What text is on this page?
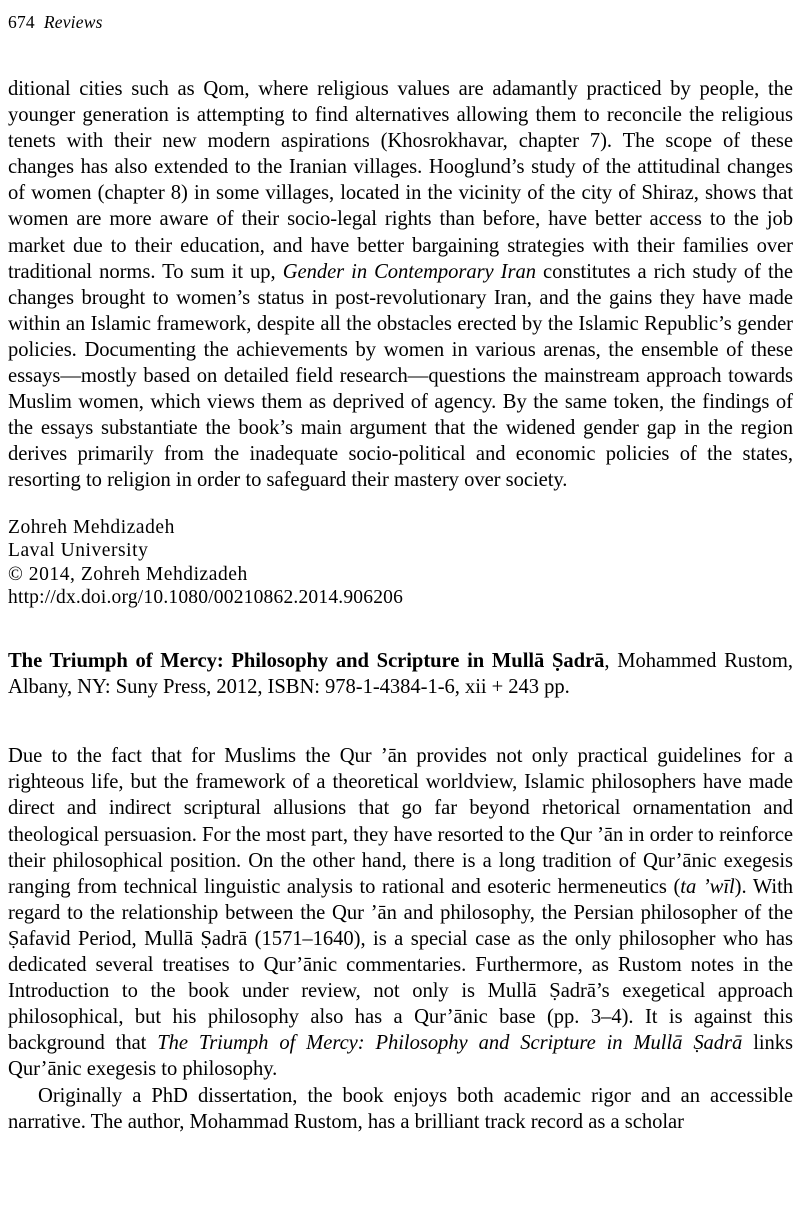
674 Reviews

ditional cities such as Qom, where religious values are adamantly practiced by people, the younger generation is attempting to find alternatives allowing them to reconcile the religious tenets with their new modern aspirations (Khosrokhavar, chapter 7). The scope of these changes has also extended to the Iranian villages. Hooglund’s study of the attitudinal changes of women (chapter 8) in some villages, located in the vicinity of the city of Shiraz, shows that women are more aware of their socio-legal rights than before, have better access to the job market due to their education, and have better bargaining strategies with their families over traditional norms. To sum it up, Gender in Contemporary Iran constitutes a rich study of the changes brought to women’s status in post-revolutionary Iran, and the gains they have made within an Islamic framework, despite all the obstacles erected by the Islamic Republic’s gender policies. Documenting the achievements by women in various arenas, the ensemble of these essays—mostly based on detailed field research—questions the mainstream approach towards Muslim women, which views them as deprived of agency. By the same token, the findings of the essays substantiate the book’s main argument that the widened gender gap in the region derives primarily from the inadequate socio-political and economic policies of the states, resorting to religion in order to safeguard their mastery over society.

Zohreh Mehdizadeh
Laval University
© 2014, Zohreh Mehdizadeh
http://dx.doi.org/10.1080/00210862.2014.906206

The Triumph of Mercy: Philosophy and Scripture in Mullā Ṣadrā, Mohammed Rustom, Albany, NY: Suny Press, 2012, ISBN: 978-1-4384-1-6, xii + 243 pp.

Due to the fact that for Muslims the Qur ’ān provides not only practical guidelines for a righteous life, but the framework of a theoretical worldview, Islamic philosophers have made direct and indirect scriptural allusions that go far beyond rhetorical ornamentation and theological persuasion. For the most part, they have resorted to the Qur ’ān in order to reinforce their philosophical position. On the other hand, there is a long tradition of Qur’ānic exegesis ranging from technical linguistic analysis to rational and esoteric hermeneutics (ta ’wīl). With regard to the relationship between the Qur ’ān and philosophy, the Persian philosopher of the Ṣafavid Period, Mullā Ṣadrā (1571–1640), is a special case as the only philosopher who has dedicated several treatises to Qur’ānic commentaries. Furthermore, as Rustom notes in the Introduction to the book under review, not only is Mullā Ṣadrā’s exegetical approach philosophical, but his philosophy also has a Qur’ānic base (pp. 3–4). It is against this background that The Triumph of Mercy: Philosophy and Scripture in Mullā Ṣadrā links Qur’ānic exegesis to philosophy.

Originally a PhD dissertation, the book enjoys both academic rigor and an accessible narrative. The author, Mohammad Rustom, has a brilliant track record as a scholar
